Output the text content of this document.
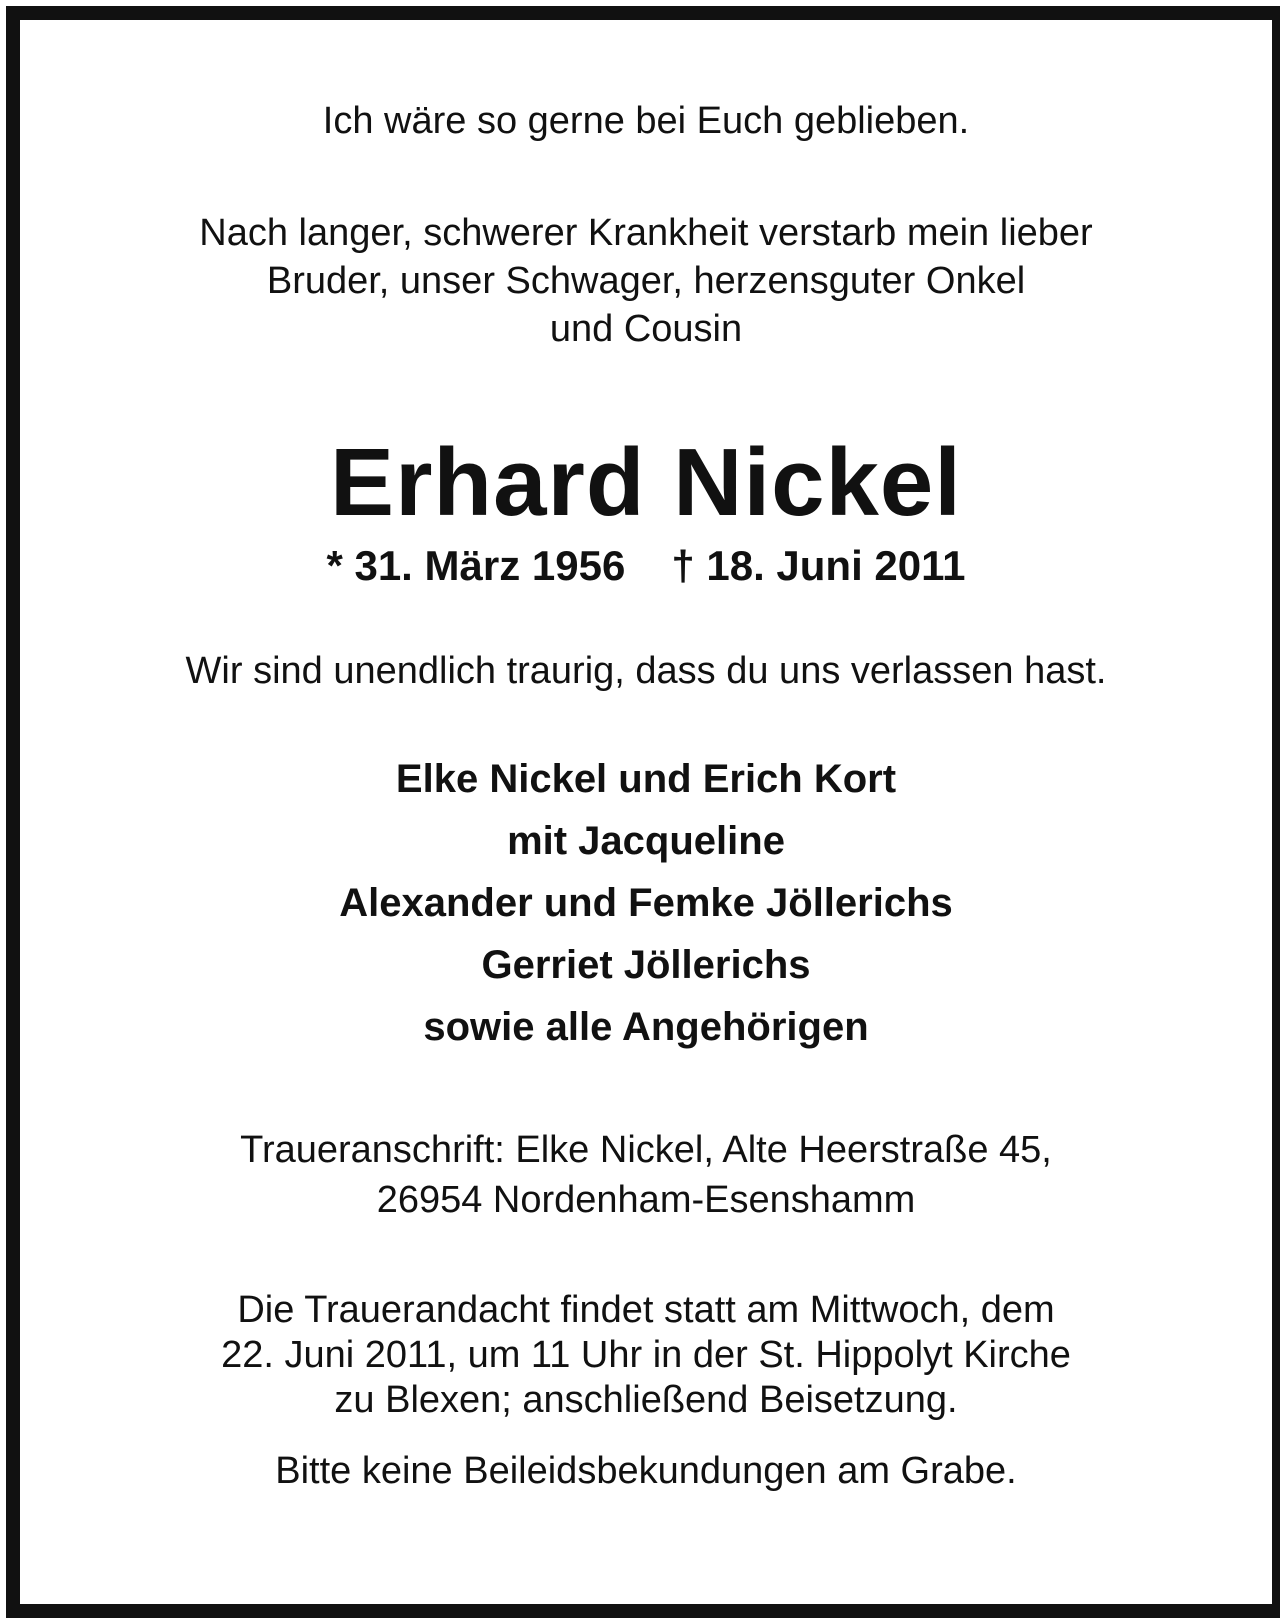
Ich wäre so gerne bei Euch geblieben.

Nach langer, schwerer Krankheit verstarb mein lieber

Bruder, unser Schwager, herzensguter Onkel

und Cousin

Erhard Nickel

* 31. März 1956 † 18. Juni 2011

Wir sind unendlich traurig, dass du uns verlassen hast.

Elke Nickel und Erich Kort

mit Jacqueline

Alexander und Femke Jöllerichs

Gerriet Jöllerichs

sowie alle Angehörigen

Traueranschrift: Elke Nickel, Alte Heerstraße 45,

26954 Nordenham-Esenshamm

Die Trauerandacht findet statt am Mittwoch, dem

22. Juni 2011, um 11 Uhr in der St. Hippolyt Kirche

zu Blexen; anschließend Beisetzung.

Bitte keine Beileidsbekundungen am Grabe.
